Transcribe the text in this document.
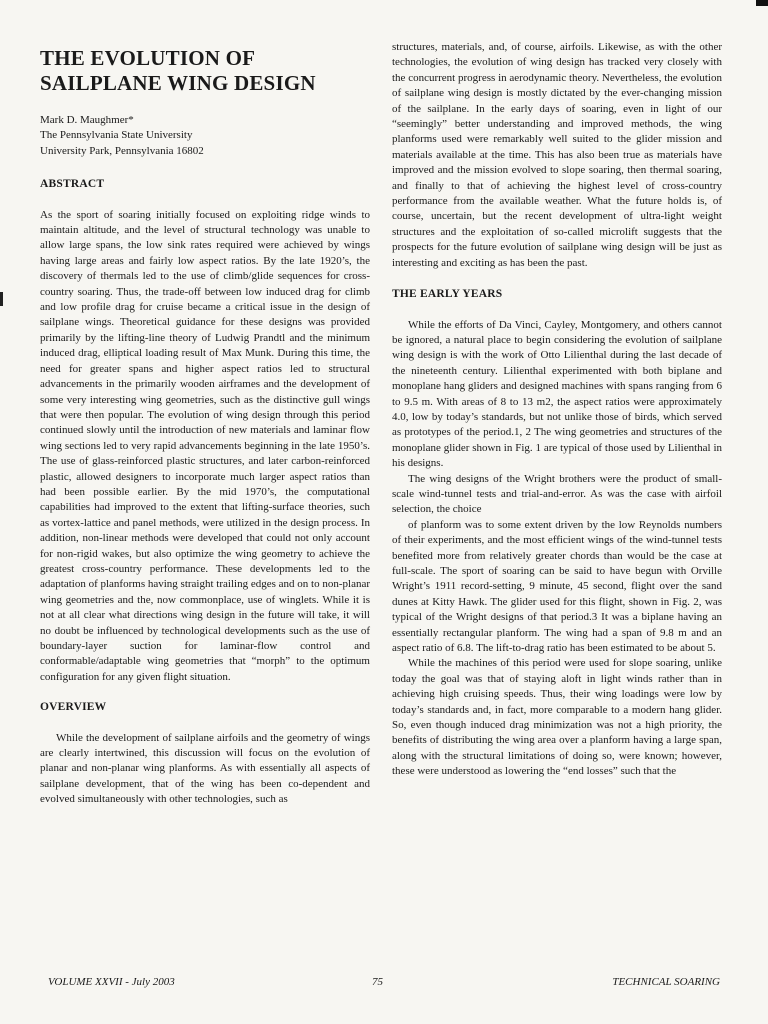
THE EVOLUTION OF
SAILPLANE WING DESIGN
Mark D. Maughmer*
The Pennsylvania State University
University Park, Pennsylvania 16802
ABSTRACT

As the sport of soaring initially focused on exploiting ridge winds to maintain altitude, and the level of structural technology was unable to allow large spans, the low sink rates required were achieved by wings having large areas and fairly low aspect ratios. By the late 1920’s, the discovery of thermals led to the use of climb/glide sequences for cross-country soaring. Thus, the trade-off between low induced drag for climb and low profile drag for cruise became a critical issue in the design of sailplane wings. Theoretical guidance for these designs was provided primarily by the lifting-line theory of Ludwig Prandtl and the minimum induced drag, elliptical loading result of Max Munk. During this time, the need for greater spans and higher aspect ratios led to structural advancements in the primarily wooden airframes and the development of some very interesting wing geometries, such as the distinctive gull wings that were then popular. The evolution of wing design through this period continued slowly until the introduction of new materials and laminar flow wing sections led to very rapid advancements beginning in the late 1950’s. The use of glass-reinforced plastic structures, and later carbon-reinforced plastic, allowed designers to incorporate much larger aspect ratios than had been possible earlier. By the mid 1970’s, the computational capabilities had improved to the extent that lifting-surface theories, such as vortex-lattice and panel methods, were utilized in the design process. In addition, non-linear methods were developed that could not only account for non-rigid wakes, but also optimize the wing geometry to achieve the greatest cross-country performance. These developments led to the adaptation of planforms having straight trailing edges and on to non-planar wing geometries and the, now commonplace, use of winglets. While it is not at all clear what directions wing design in the future will take, it will no doubt be influenced by technological developments such as the use of boundary-layer suction for laminar-flow control and conformable/adaptable wing geometries that “morph” to the optimum configuration for any given flight situation.

OVERVIEW

While the development of sailplane airfoils and the geometry of wings are clearly intertwined, this discussion will focus on the evolution of planar and non-planar wing planforms. As with essentially all aspects of sailplane development, that of the wing has been co-dependent and evolved simultaneously with other technologies, such as

structures, materials, and, of course, airfoils. Likewise, as with the other technologies, the evolution of wing design has tracked very closely with the concurrent progress in aerodynamic theory. Nevertheless, the evolution of sailplane wing design is mostly dictated by the ever-changing mission of the sailplane. In the early days of soaring, even in light of our “seemingly” better understanding and improved methods, the wing planforms used were remarkably well suited to the glider mission and materials available at the time. This has also been true as materials have improved and the mission evolved to slope soaring, then thermal soaring, and finally to that of achieving the highest level of cross-country performance from the available weather. What the future holds is, of course, uncertain, but the recent development of ultra-light weight structures and the exploitation of so-called microlift suggests that the prospects for the future evolution of sailplane wing design will be just as interesting and exciting as has been the past.

THE EARLY YEARS

While the efforts of Da Vinci, Cayley, Montgomery, and others cannot be ignored, a natural place to begin considering the evolution of sailplane wing design is with the work of Otto Lilienthal during the last decade of the nineteenth century. Lilienthal experimented with both biplane and monoplane hang gliders and designed machines with spans ranging from 6 to 9.5 m. With areas of 8 to 13 m2, the aspect ratios were approximately 4.0, low by today’s standards, but not unlike those of birds, which served as prototypes of the period.1, 2 The wing geometries and structures of the monoplane glider shown in Fig. 1 are typical of those used by Lilienthal in his designs.

The wing designs of the Wright brothers were the product of small-scale wind-tunnel tests and trial-and-error. As was the case with airfoil selection, the choice

of planform was to some extent driven by the low Reynolds numbers of their experiments, and the most efficient wings of the wind-tunnel tests benefited more from relatively greater chords than would be the case at full-scale. The sport of soaring can be said to have begun with Orville Wright’s 1911 record-setting, 9 minute, 45 second, flight over the sand dunes at Kitty Hawk. The glider used for this flight, shown in Fig. 2, was typical of the Wright designs of that period.3 It was a biplane having an essentially rectangular planform. The wing had a span of 9.8 m and an aspect ratio of 6.8. The lift-to-drag ratio has been estimated to be about 5.

While the machines of this period were used for slope soaring, unlike today the goal was that of staying aloft in light winds rather than in achieving high cruising speeds. Thus, their wing loadings were low by today’s standards and, in fact, more comparable to a modern hang glider. So, even though induced drag minimization was not a high priority, the benefits of distributing the wing area over a planform having a large span, along with the structural limitations of doing so, were known; however, these were understood as lowering the “end losses” such that the

VOLUME XXVII - July 2003	75	TECHNICAL SOARING
